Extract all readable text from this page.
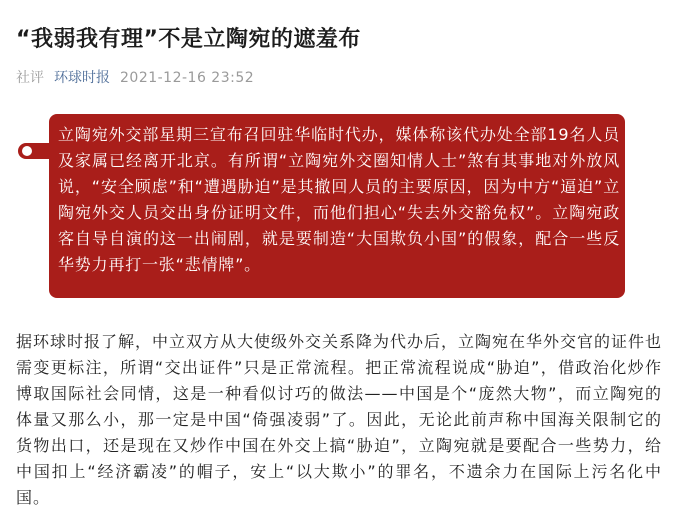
“我弱我有理”不是立陶宛的遮羞布
社评 环球时报 2021-12-16 23:52
立陶宛外交部星期三宣布召回驻华临时代办，媒体称该代办处全部19名人员及家属已经离开北京。有所谓“立陶宛外交圈知情人士”煞有其事地对外放风说，“安全顾虑”和“遭遇胁迫”是其撤回人员的主要原因，因为中方“逼迫”立陶宛外交人员交出身份证明文件，而他们担心“失去外交豁免权”。立陶宛政客自导自演的这一出闹剧，就是要制造“大国欺负小国”的假象，配合一些反华势力再打一张“悲情牌”。
据环球时报了解，中立双方从大使级外交关系降为代办后，立陶宛在华外交官的证件也需变更标注，所谓“交出证件”只是正常流程。把正常流程说成“胁迫”，借政治化炒作博取国际社会同情，这是一种看似讨巧的做法——中国是个“庞然大物”，而立陶宛的体量又那么小，那一定是中国“倚强凌弱”了。因此，无论此前声称中国海关限制它的货物出口，还是现在又炒作中国在外交上搞“胁迫”，立陶宛就是要配合一些势力，给中国扣上“经济霸凌”的帽子，安上“以大欺小”的罪名，不遗余力在国际上污名化中国。
